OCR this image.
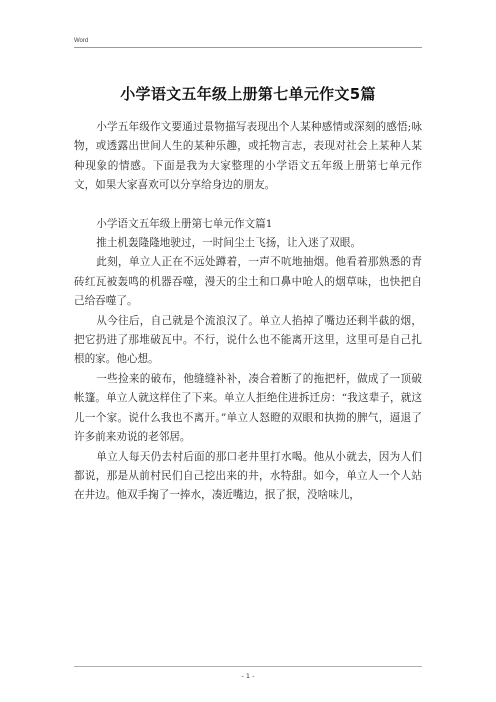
Word
小学语文五年级上册第七单元作文5篇

小学五年级作文要通过景物描写表现出个人某种感情或深刻的感悟;咏物，或透露出世间人生的某种乐趣，或托物言志，表现对社会上某种人某种现象的情感。下面是我为大家整理的小学语文五年级上册第七单元作文，如果大家喜欢可以分享给身边的朋友。

小学语文五年级上册第七单元作文篇1

推土机轰隆隆地驶过，一时间尘土飞扬，让入迷了双眼。

此刻，单立人正在不远处蹲着，一声不吭地抽烟。他看着那熟悉的青砖红瓦被轰鸣的机器吞噬，漫天的尘土和口鼻中呛人的烟草味，也快把自己给吞噬了。

从今往后，自己就是个流浪汉了。单立人掐掉了嘴边还剩半截的烟，把它扔进了那堆破瓦中。不行，说什么也不能离开这里，这里可是自己扎根的家。他心想。

一些捡来的破布，他缝缝补补，凑合着断了的拖把杆，做成了一顶破帐篷。单立人就这样住了下来。单立人拒绝住进拆迁房：“我这辈子，就这儿一个家。说什么我也不离开。”单立人怒瞪的双眼和执拗的脾气，逼退了许多前来劝说的老邻居。

单立人每天仍去村后面的那口老井里打水喝。他从小就去，因为人们都说，那是从前村民们自己挖出来的井，水特甜。如今，单立人一个人站在井边。他双手掬了一捧水，凑近嘴边，抿了抿，没啥味儿，

- 1 -
